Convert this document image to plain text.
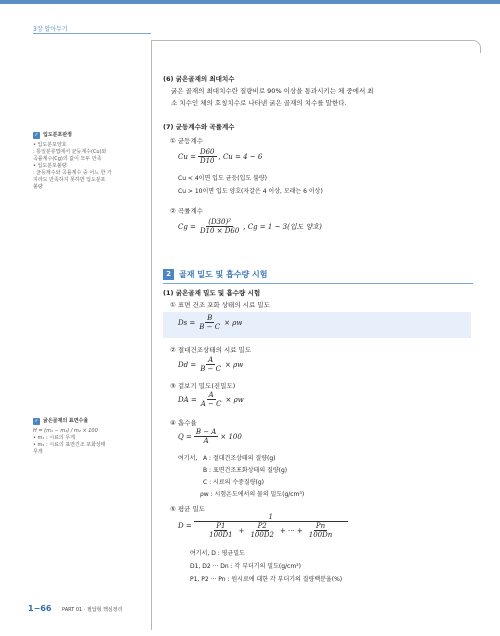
3장 알아두기
✓ 입도분포판정
• 입도분포양호
: 통일분류법에서 균등계수(Cu)와
곡률계수(Cg)의 값이 모두 만족
• 입도분포불량
: 균등계수와 곡률계수 중 어느 한 가
지라도 만족하지 못하면 입도분포
불량
✓ 굵은골재의 표면수율
H = (m₁ − m₂) / m₂ × 100
• m₁ : 시료의 무게
• m₂ : 시료의 표면건조 포화상태
무게
(6) 굵은골재의 최대치수
굵은 골재의 최대치수란 질량비로 90% 이상을 통과시키는 체 중에서 최
소 치수인 체의 호칭치수로 나타낸 굵은 골재의 치수를 말한다.
(7) 균등계수와 곡률계수
① 균등계수
$Cu = \frac{D60}{D10}$ , Cu = 4 ~ 6
Cu < 4이면 입도 균등(입도 불량)
Cu > 10이면 입도 양호(자갈은 4 이상, 모래는 6 이상)
② 곡률계수
$Cg = \frac{\text{(D30)²}}{D10 \times D60}$ , Cg = 1 ~ 3(입도 양호)
2	골재 밀도 및 흡수량 시험
(1) 굵은골재 밀도 및 흡수량 시험
① 표면 건조 포화 상태의 시료 밀도
$Ds = \frac{B}{B - C} \times \rho w$
② 절대건조상태의 시료 밀도
$Dd = \frac{A}{B - C} \times \rho w$
③ 겉보기 밀도(진밀도)
DA = $\frac{A}{A - C} \times \rho w$
④ 흡수율
$Q = \frac{B - A}{A} \times 100$
여기서, A : 절대건조상태의 질량(g)
B : 표면건조포화상태의 질량(g)
C : 시료의 수중질량(g)
ρw : 시험온도에서의 물의 밀도(g/cm³)
⑤ 평균 밀도
$D = \frac{1}{\frac{P1}{100D1} + \frac{P2}{100D2} + \cdot\cdot\cdot + \frac{Pn}{100Dn}}$
여기서, D : 평균밀도
D1, D2 ··· Dn : 각 부더기의 밀도(g/cm³)
P1, P2 ··· Pn : 원시료에 대한 각 부더기의 질량백분율(%)
1−66 PART 01 · 필답형 핵심정리
